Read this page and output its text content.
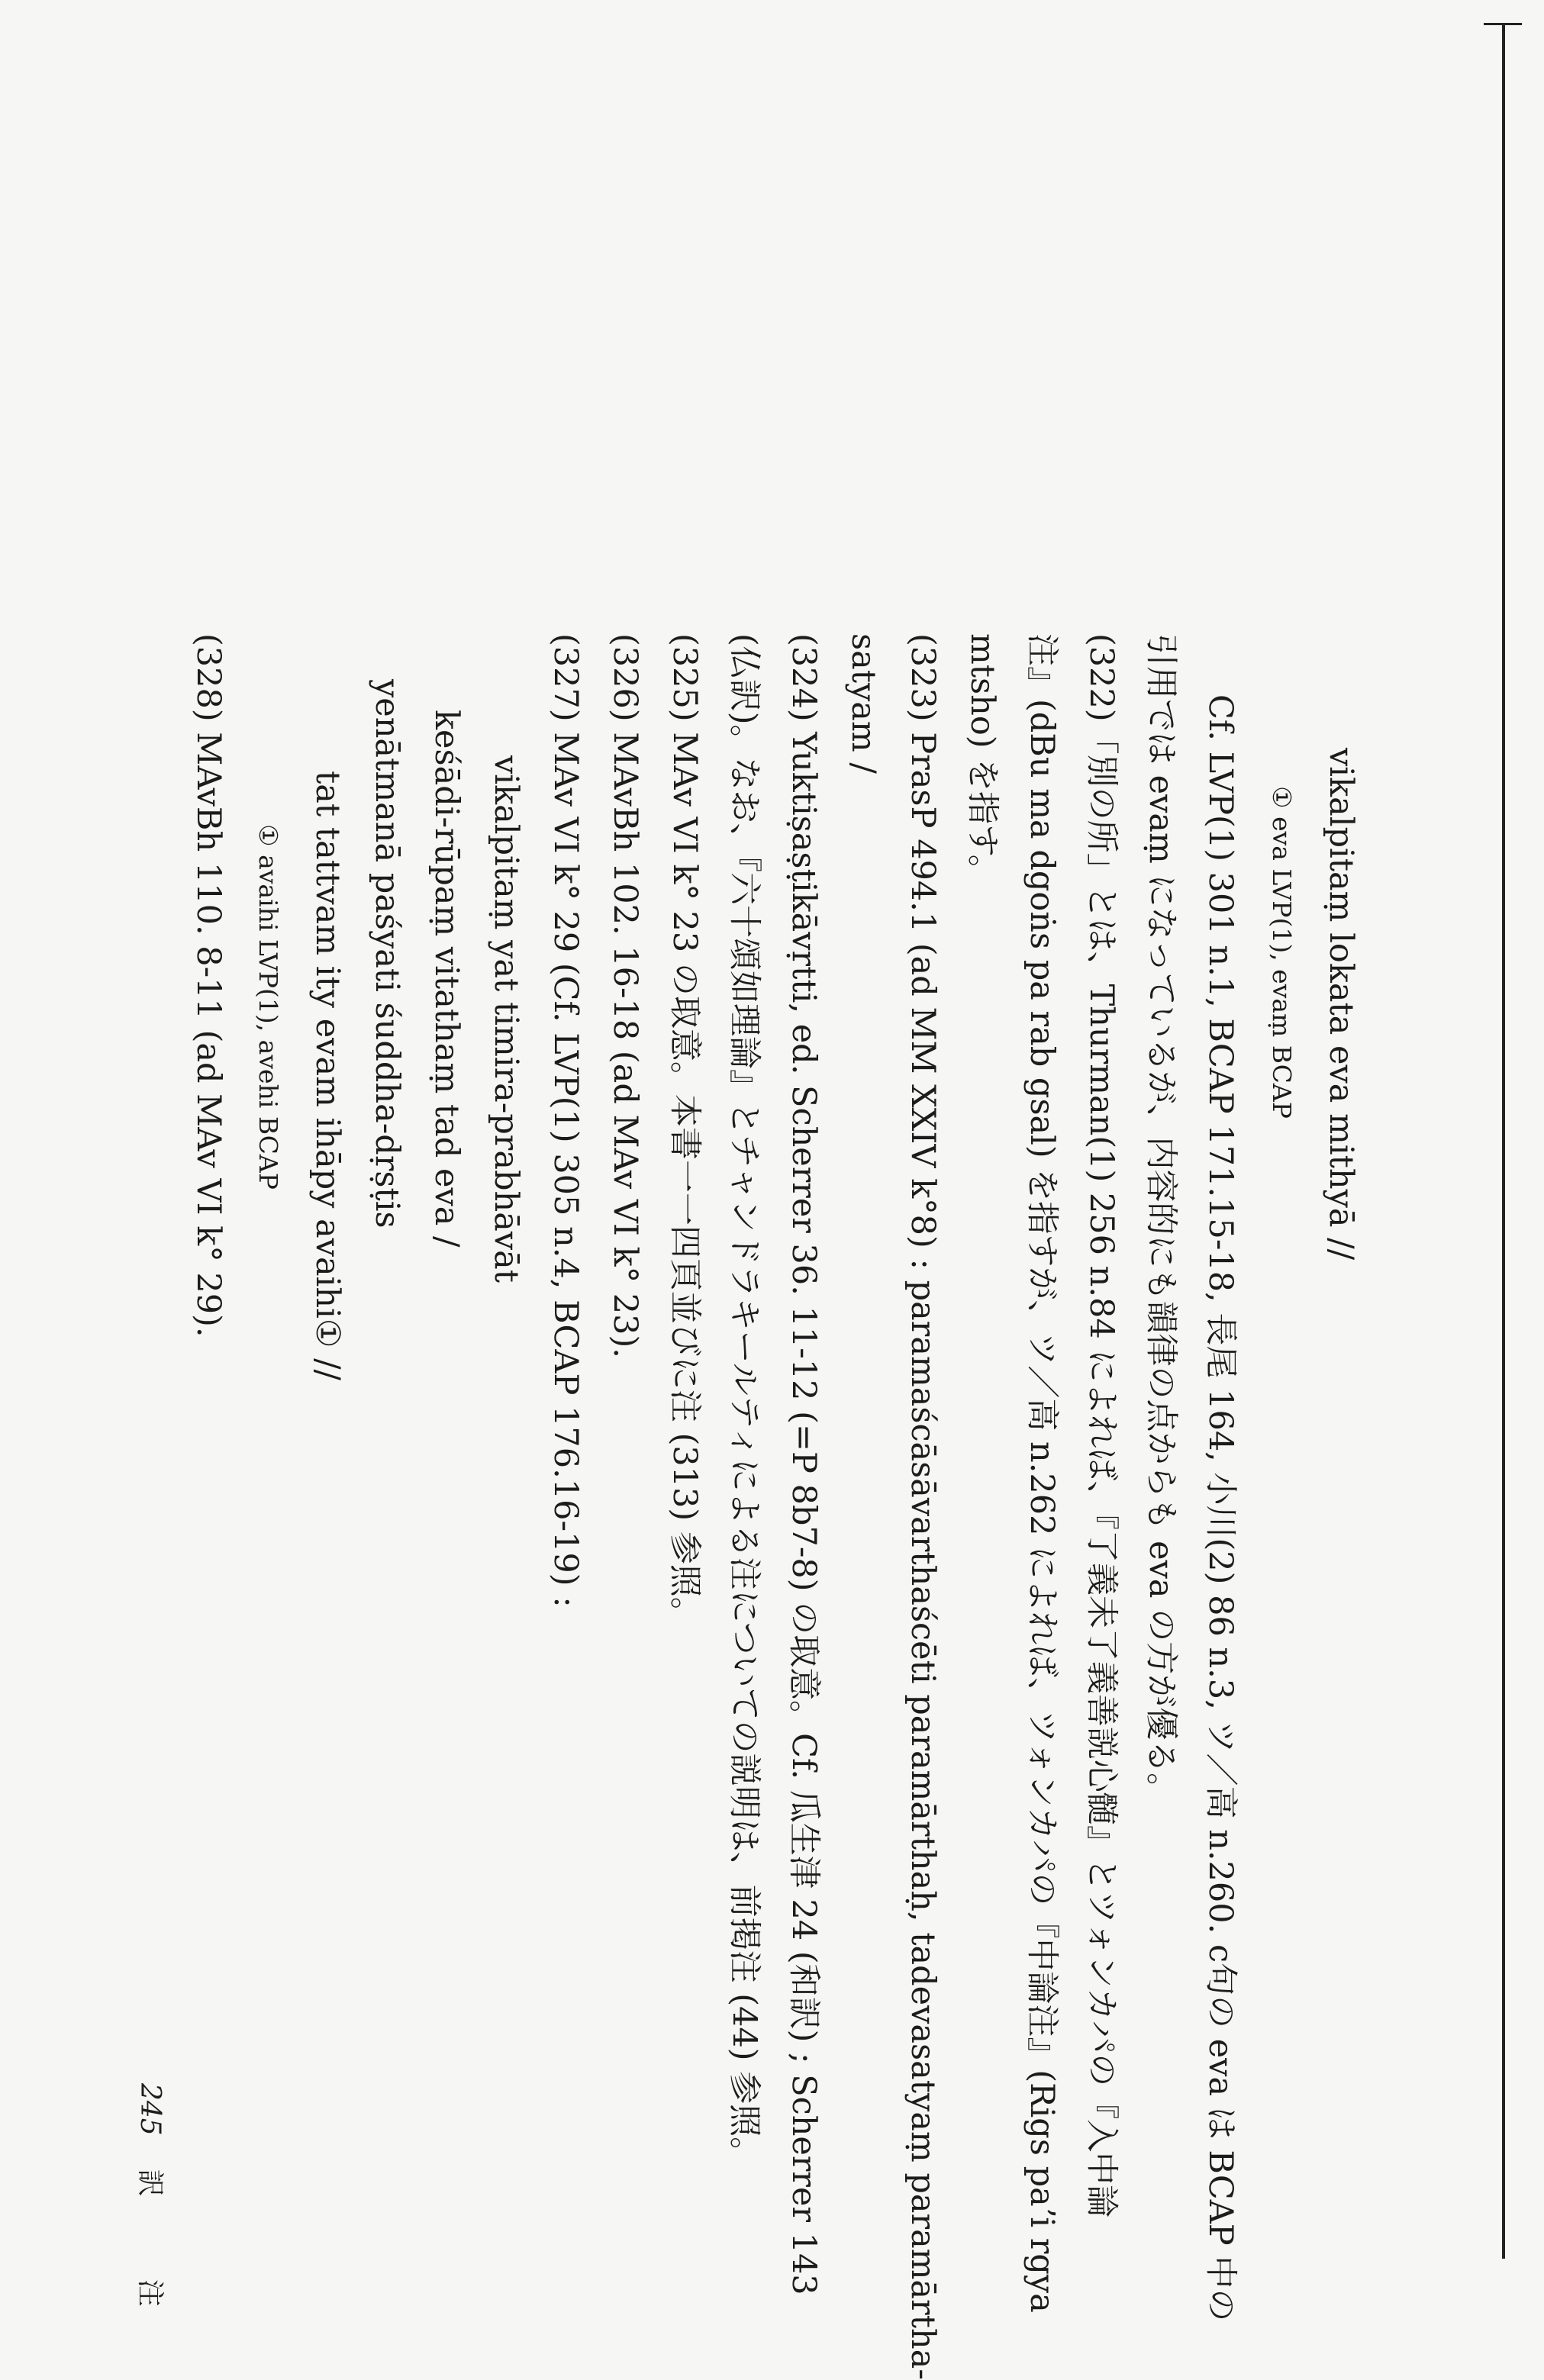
vikalpitaṃ lokata eva mithyā //
① eva LVP(1), evaṃ BCAP
Cf. LVP(1) 301 n.1, BCAP 171.15-18, 長尾 164, 小川(2) 86 n.3, ツ／高 n.260. c句の eva は BCAP 中の
引用では evaṃ になっているが、内容的にも韻律の点からも eva の方が優る。
(322)「別の所」とは、Thurman(1) 256 n.84 によれば、『了義未了義善説心髄』とツォンカパの『入中論
注』(dBu ma dgoṅs pa rab gsal) を指すが、ツ／高 n.262 によれば、ツォンカパの『中論注』(Rigs paʼi rgya
mtsho) を指す。
(323) PrasP 494.1 (ad MM XXIV k°8) : paramaścāsāvarthaścēti paramārthaḥ, tadevasatyaṃ paramārtha-
satyam /
(324) Yuktiṣaṣṭikāvṛtti, ed. Scherrer 36. 11-12 (=P 8b7-8) の取意。Cf. 瓜生津 24 (和訳) ; Scherrer 143
(仏訳)。なお、『六十頌如理論』とチャンドラキールティによる注についての説明は、前掲注 (44) 参照。
(325) MAv VI k° 23 の取意。本書一一四頁並びに注 (313) 参照。
(326) MAvBh 102. 16-18 (ad MAv VI k° 23).
(327) MAv VI k° 29 (Cf. LVP(1) 305 n.4, BCAP 176.16-19) :
vikalpitaṃ yat timira-prabhāvāt
keśādi-rūpaṃ vitathaṃ tad eva /
yenātmanā paśyati śuddha-dṛṣṭis
tat tattvam ity evam ihāpy avaihi① //
① avaihi LVP(1), avehi BCAP
(328) MAvBh 110. 8-11 (ad MAv VI k° 29).
245訳　注
